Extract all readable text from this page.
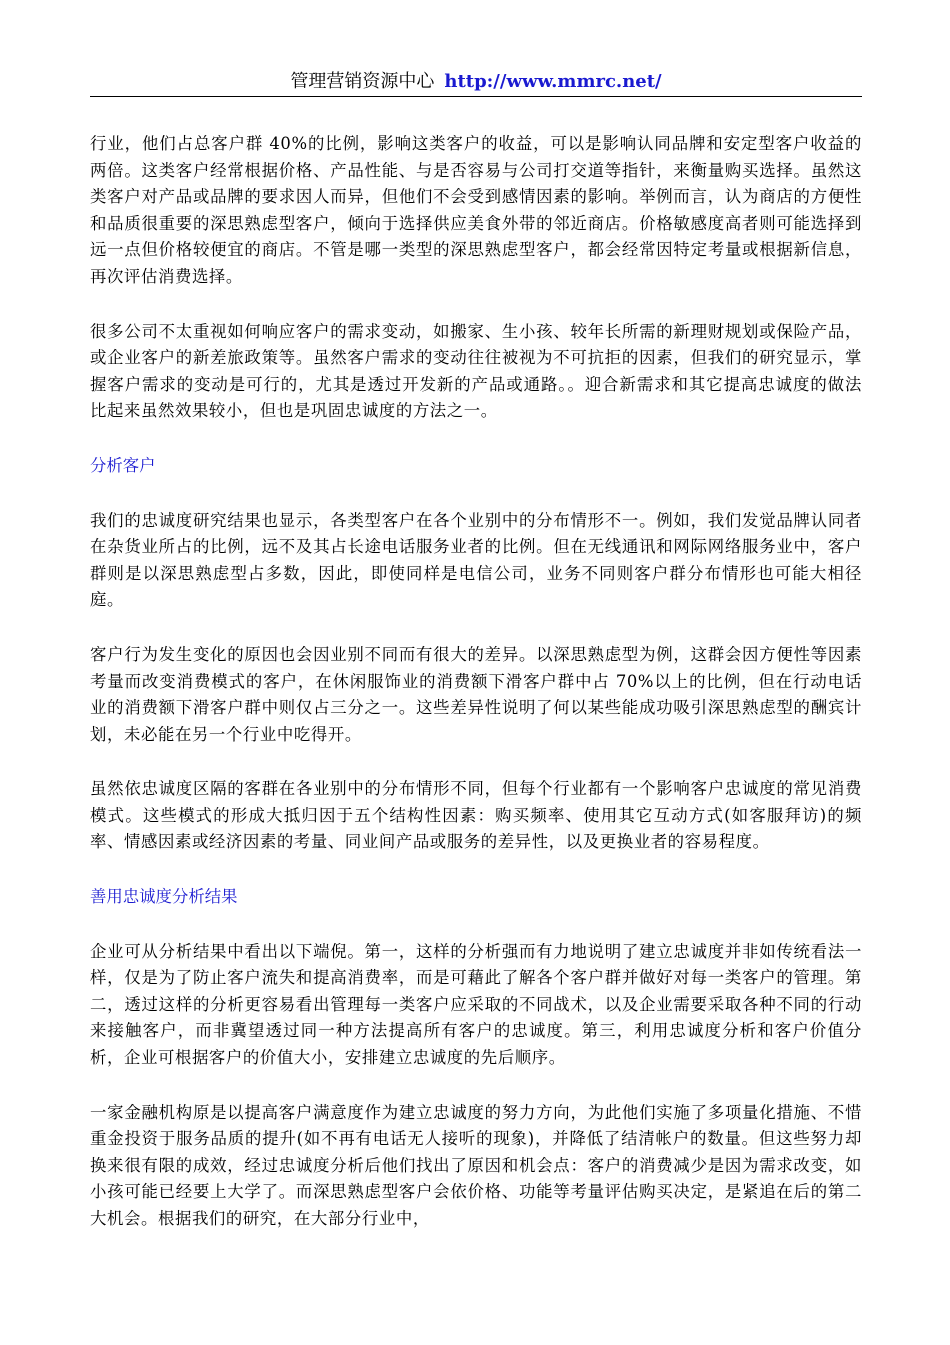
管理营销资源中心 http://www.mmrc.net/

行业，他们占总客户群 40%的比例，影响这类客户的收益，可以是影响认同品牌和安定型客户收益的两倍。这类客户经常根据价格、产品性能、与是否容易与公司打交道等指针，来衡量购买选择。虽然这类客户对产品或品牌的要求因人而异，但他们不会受到感情因素的影响。举例而言，认为商店的方便性和品质很重要的深思熟虑型客户，倾向于选择供应美食外带的邻近商店。价格敏感度高者则可能选择到远一点但价格较便宜的商店。不管是哪一类型的深思熟虑型客户，都会经常因特定考量或根据新信息，再次评估消费选择。

很多公司不太重视如何响应客户的需求变动，如搬家、生小孩、较年长所需的新理财规划或保险产品，或企业客户的新差旅政策等。虽然客户需求的变动往往被视为不可抗拒的因素，但我们的研究显示，掌握客户需求的变动是可行的，尤其是透过开发新的产品或通路。。迎合新需求和其它提高忠诚度的做法比起来虽然效果较小，但也是巩固忠诚度的方法之一。

分析客户

我们的忠诚度研究结果也显示，各类型客户在各个业别中的分布情形不一。例如，我们发觉品牌认同者在杂货业所占的比例，远不及其占长途电话服务业者的比例。但在无线通讯和网际网络服务业中，客户群则是以深思熟虑型占多数，因此，即使同样是电信公司，业务不同则客户群分布情形也可能大相径庭。

客户行为发生变化的原因也会因业别不同而有很大的差异。以深思熟虑型为例，这群会因方便性等因素考量而改变消费模式的客户，在休闲服饰业的消费额下滑客户群中占 70%以上的比例，但在行动电话业的消费额下滑客户群中则仅占三分之一。这些差异性说明了何以某些能成功吸引深思熟虑型的酬宾计划，未必能在另一个行业中吃得开。

虽然依忠诚度区隔的客群在各业别中的分布情形不同，但每个行业都有一个影响客户忠诚度的常见消费模式。这些模式的形成大抵归因于五个结构性因素：购买频率、使用其它互动方式(如客服拜访)的频率、情感因素或经济因素的考量、同业间产品或服务的差异性，以及更换业者的容易程度。

善用忠诚度分析结果

企业可从分析结果中看出以下端倪。第一，这样的分析强而有力地说明了建立忠诚度并非如传统看法一样，仅是为了防止客户流失和提高消费率，而是可藉此了解各个客户群并做好对每一类客户的管理。第二，透过这样的分析更容易看出管理每一类客户应采取的不同战术，以及企业需要采取各种不同的行动来接触客户，而非冀望透过同一种方法提高所有客户的忠诚度。第三，利用忠诚度分析和客户价值分析，企业可根据客户的价值大小，安排建立忠诚度的先后顺序。

一家金融机构原是以提高客户满意度作为建立忠诚度的努力方向，为此他们实施了多项量化措施、不惜重金投资于服务品质的提升(如不再有电话无人接听的现象)，并降低了结清帐户的数量。但这些努力却换来很有限的成效，经过忠诚度分析后他们找出了原因和机会点：客户的消费减少是因为需求改变，如小孩可能已经要上大学了。而深思熟虑型客户会依价格、功能等考量评估购买决定，是紧追在后的第二大机会。根据我们的研究，在大部分行业中，
